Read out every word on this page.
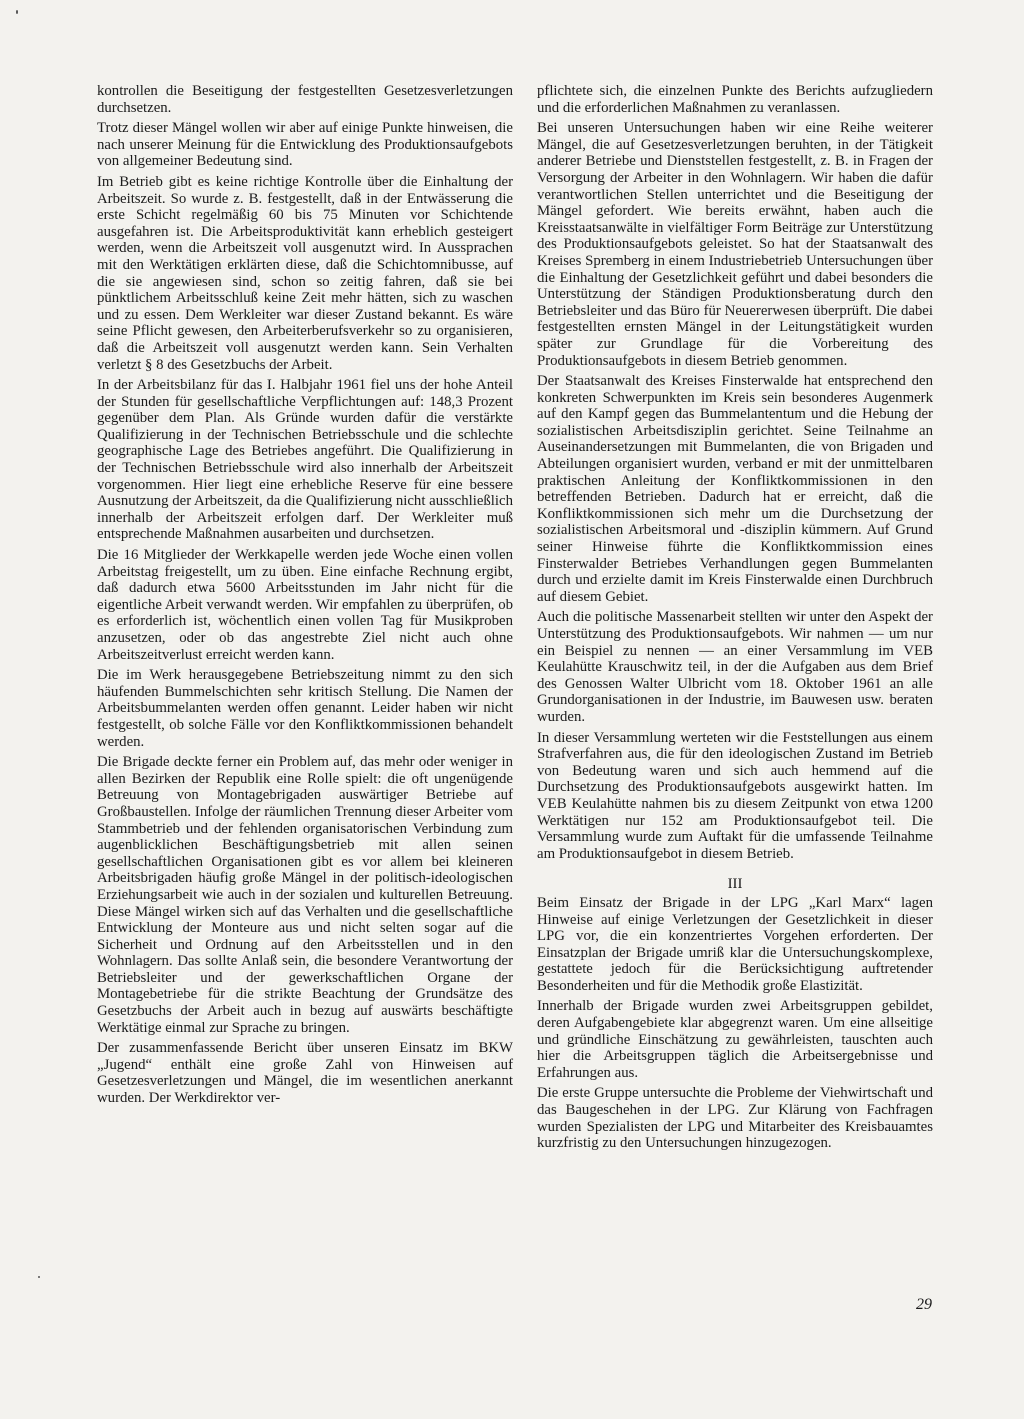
kontrollen die Beseitigung der festgestellten Gesetzesverletzungen durchsetzen.

Trotz dieser Mängel wollen wir aber auf einige Punkte hinweisen, die nach unserer Meinung für die Entwicklung des Produktionsaufgebots von allgemeiner Bedeutung sind.

Im Betrieb gibt es keine richtige Kontrolle über die Einhaltung der Arbeitszeit. So wurde z. B. festgestellt, daß in der Entwässerung die erste Schicht regelmäßig 60 bis 75 Minuten vor Schichtende ausgefahren ist. Die Arbeitsproduktivität kann erheblich gesteigert werden, wenn die Arbeitszeit voll ausgenutzt wird. In Aussprachen mit den Werktätigen erklärten diese, daß die Schichtomnibusse, auf die sie angewiesen sind, schon so zeitig fahren, daß sie bei pünktlichem Arbeitsschluß keine Zeit mehr hätten, sich zu waschen und zu essen. Dem Werkleiter war dieser Zustand bekannt. Es wäre seine Pflicht gewesen, den Arbeiterberufsverkehr so zu organisieren, daß die Arbeitszeit voll ausgenutzt werden kann. Sein Verhalten verletzt § 8 des Gesetzbuchs der Arbeit.

In der Arbeitsbilanz für das I. Halbjahr 1961 fiel uns der hohe Anteil der Stunden für gesellschaftliche Verpflichtungen auf: 148,3 Prozent gegenüber dem Plan. Als Gründe wurden dafür die verstärkte Qualifizierung in der Technischen Betriebsschule und die schlechte geographische Lage des Betriebes angeführt. Die Qualifizierung in der Technischen Betriebsschule wird also innerhalb der Arbeitszeit vorgenommen. Hier liegt eine erhebliche Reserve für eine bessere Ausnutzung der Arbeitszeit, da die Qualifizierung nicht ausschließlich innerhalb der Arbeitszeit erfolgen darf. Der Werkleiter muß entsprechende Maßnahmen ausarbeiten und durchsetzen.

Die 16 Mitglieder der Werkkapelle werden jede Woche einen vollen Arbeitstag freigestellt, um zu üben. Eine einfache Rechnung ergibt, daß dadurch etwa 5600 Arbeitsstunden im Jahr nicht für die eigentliche Arbeit verwandt werden. Wir empfahlen zu überprüfen, ob es erforderlich ist, wöchentlich einen vollen Tag für Musikproben anzusetzen, oder ob das angestrebte Ziel nicht auch ohne Arbeitszeitverlust erreicht werden kann.

Die im Werk herausgegebene Betriebszeitung nimmt zu den sich häufenden Bummelschichten sehr kritisch Stellung. Die Namen der Arbeitsbummelanten werden offen genannt. Leider haben wir nicht festgestellt, ob solche Fälle vor den Konfliktkommissionen behandelt werden.

Die Brigade deckte ferner ein Problem auf, das mehr oder weniger in allen Bezirken der Republik eine Rolle spielt: die oft ungenügende Betreuung von Montagebrigaden auswärtiger Betriebe auf Großbaustellen. Infolge der räumlichen Trennung dieser Arbeiter vom Stammbetrieb und der fehlenden organisatorischen Verbindung zum augenblicklichen Beschäftigungsbetrieb mit allen seinen gesellschaftlichen Organisationen gibt es vor allem bei kleineren Arbeitsbrigaden häufig große Mängel in der politisch-ideologischen Erziehungsarbeit wie auch in der sozialen und kulturellen Betreuung. Diese Mängel wirken sich auf das Verhalten und die gesellschaftliche Entwicklung der Monteure aus und nicht selten sogar auf die Sicherheit und Ordnung auf den Arbeitsstellen und in den Wohnlagern. Das sollte Anlaß sein, die besondere Verantwortung der Betriebsleiter und der gewerkschaftlichen Organe der Montagebetriebe für die strikte Beachtung der Grundsätze des Gesetzbuchs der Arbeit auch in bezug auf auswärts beschäftigte Werktätige einmal zur Sprache zu bringen.

Der zusammenfassende Bericht über unseren Einsatz im BKW „Jugend“ enthält eine große Zahl von Hinweisen auf Gesetzesverletzungen und Mängel, die im wesentlichen anerkannt wurden. Der Werkdirektor ver-

pflichtete sich, die einzelnen Punkte des Berichts aufzugliedern und die erforderlichen Maßnahmen zu veranlassen.

Bei unseren Untersuchungen haben wir eine Reihe weiterer Mängel, die auf Gesetzesverletzungen beruhten, in der Tätigkeit anderer Betriebe und Dienststellen festgestellt, z. B. in Fragen der Versorgung der Arbeiter in den Wohnlagern. Wir haben die dafür verantwortlichen Stellen unterrichtet und die Beseitigung der Mängel gefordert. Wie bereits erwähnt, haben auch die Kreisstaatsanwälte in vielfältiger Form Beiträge zur Unterstützung des Produktionsaufgebots geleistet. So hat der Staatsanwalt des Kreises Spremberg in einem Industriebetrieb Untersuchungen über die Einhaltung der Gesetzlichkeit geführt und dabei besonders die Unterstützung der Ständigen Produktionsberatung durch den Betriebsleiter und das Büro für Neuererwesen überprüft. Die dabei festgestellten ernsten Mängel in der Leitungstätigkeit wurden später zur Grundlage für die Vorbereitung des Produktionsaufgebots in diesem Betrieb genommen.

Der Staatsanwalt des Kreises Finsterwalde hat entsprechend den konkreten Schwerpunkten im Kreis sein besonderes Augenmerk auf den Kampf gegen das Bummelantentum und die Hebung der sozialistischen Arbeitsdisziplin gerichtet. Seine Teilnahme an Auseinandersetzungen mit Bummelanten, die von Brigaden und Abteilungen organisiert wurden, verband er mit der unmittelbaren praktischen Anleitung der Konfliktkommissionen in den betreffenden Betrieben. Dadurch hat er erreicht, daß die Konfliktkommissionen sich mehr um die Durchsetzung der sozialistischen Arbeitsmoral und -disziplin kümmern. Auf Grund seiner Hinweise führte die Konfliktkommission eines Finsterwalder Betriebes Verhandlungen gegen Bummelanten durch und erzielte damit im Kreis Finsterwalde einen Durchbruch auf diesem Gebiet.

Auch die politische Massenarbeit stellten wir unter den Aspekt der Unterstützung des Produktionsaufgebots. Wir nahmen — um nur ein Beispiel zu nennen — an einer Versammlung im VEB Keulahütte Krauschwitz teil, in der die Aufgaben aus dem Brief des Genossen Walter Ulbricht vom 18. Oktober 1961 an alle Grundorganisationen in der Industrie, im Bauwesen usw. beraten wurden.

In dieser Versammlung werteten wir die Feststellungen aus einem Strafverfahren aus, die für den ideologischen Zustand im Betrieb von Bedeutung waren und sich auch hemmend auf die Durchsetzung des Produktionsaufgebots ausgewirkt hatten. Im VEB Keulahütte nahmen bis zu diesem Zeitpunkt von etwa 1200 Werktätigen nur 152 am Produktionsaufgebot teil. Die Versammlung wurde zum Auftakt für die umfassende Teilnahme am Produktionsaufgebot in diesem Betrieb.

III

Beim Einsatz der Brigade in der LPG „Karl Marx“ lagen Hinweise auf einige Verletzungen der Gesetzlichkeit in dieser LPG vor, die ein konzentriertes Vorgehen erforderten. Der Einsatzplan der Brigade umriß klar die Untersuchungskomplexe, gestattete jedoch für die Berücksichtigung auftretender Besonderheiten und für die Methodik große Elastizität.

Innerhalb der Brigade wurden zwei Arbeitsgruppen gebildet, deren Aufgabengebiete klar abgegrenzt waren. Um eine allseitige und gründliche Einschätzung zu gewährleisten, tauschten auch hier die Arbeitsgruppen täglich die Arbeitsergebnisse und Erfahrungen aus.

Die erste Gruppe untersuchte die Probleme der Viehwirtschaft und das Baugeschehen in der LPG. Zur Klärung von Fachfragen wurden Spezialisten der LPG und Mitarbeiter des Kreisbauamtes kurzfristig zu den Untersuchungen hinzugezogen.

29
